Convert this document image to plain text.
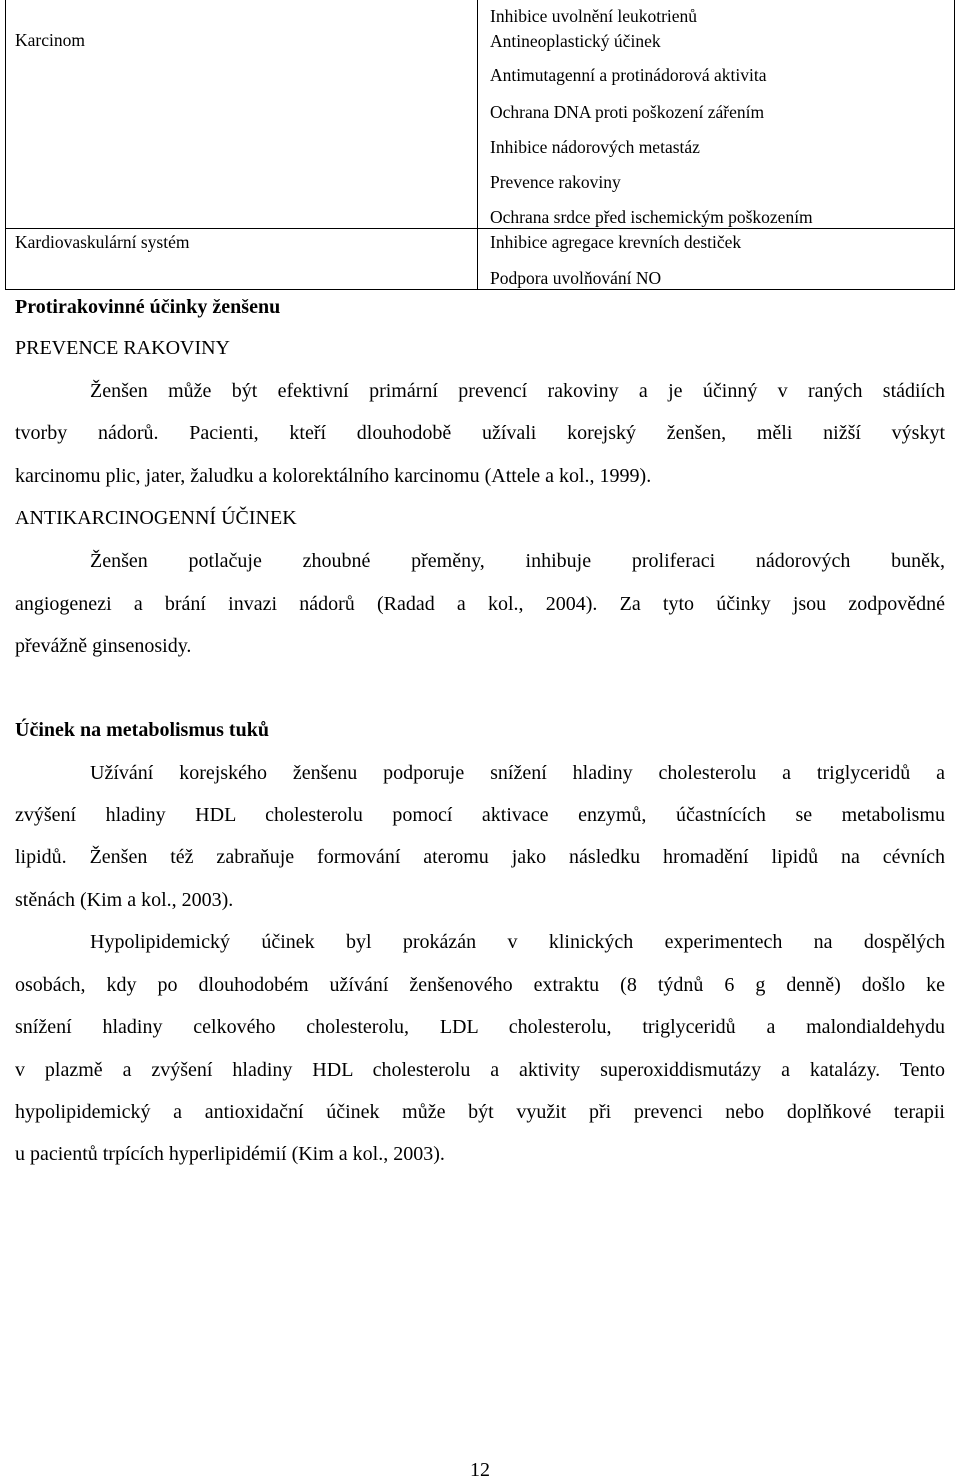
Karcinom
Inhibice uvolnění leukotrienů
Antineoplastický účinek
Antimutagenní a protinádorová aktivita
Ochrana DNA proti poškození zářením
Inhibice nádorových metastáz
Prevence rakoviny
Ochrana srdce před ischemickým poškozením
Kardiovaskulární systém	Inhibice agregace krevních destiček
Podpora uvolňování NO
Protirakovinné účinky ženšenu
PREVENCE RAKOVINY
Ženšen může být efektivní primární prevencí rakoviny a je účinný v raných stádiích
tvorby nádorů. Pacienti, kteří dlouhodobě užívali korejský ženšen, měli nižší výskyt
karcinomu plic, jater, žaludku a kolorektálního karcinomu (Attele a kol., 1999).
ANTIKARCINOGENNÍ ÚČINEK
Ženšen potlačuje zhoubné přeměny, inhibuje proliferaci nádorových buněk,
angiogenezi a brání invazi nádorů (Radad a kol., 2004). Za tyto účinky jsou zodpovědné
převážně ginsenosidy.
Účinek na metabolismus tuků
Užívání korejského ženšenu podporuje snížení hladiny cholesterolu a triglyceridů a
zvýšení hladiny HDL cholesterolu pomocí aktivace enzymů, účastnících se metabolismu
lipidů. Ženšen též zabraňuje formování ateromu jako následku hromadění lipidů na cévních
stěnách (Kim a kol., 2003).
Hypolipidemický účinek byl prokázán v klinických experimentech na dospělých
osobách, kdy po dlouhodobém užívání ženšenového extraktu (8 týdnů 6 g denně) došlo ke
snížení hladiny celkového cholesterolu, LDL cholesterolu, triglyceridů a malondialdehydu
v plazmě a zvýšení hladiny HDL cholesterolu a aktivity superoxiddismutázy a katalázy. Tento
hypolipidemický a antioxidační účinek může být využit při prevenci nebo doplňkové terapii
u pacientů trpících hyperlipidémií (Kim a kol., 2003).
12
